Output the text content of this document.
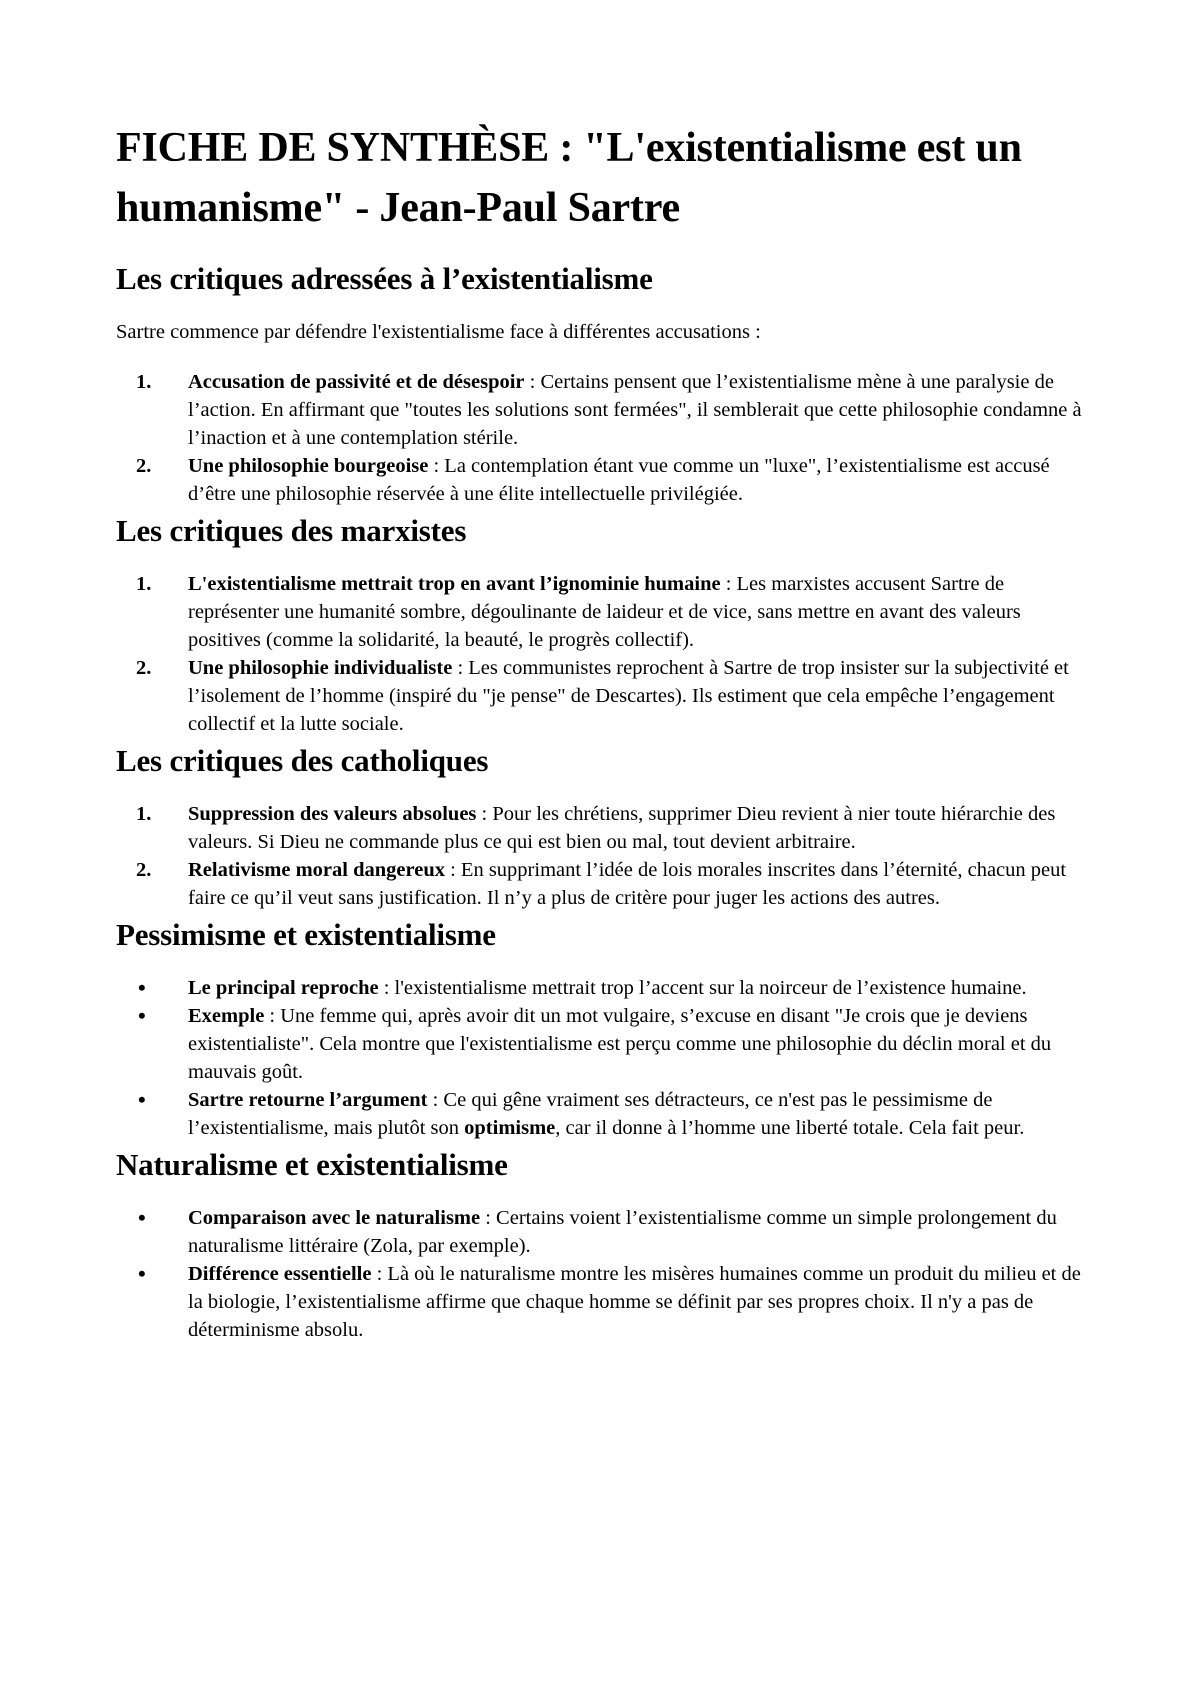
FICHE DE SYNTHÈSE : "L'existentialisme est un humanisme" - Jean-Paul Sartre
Les critiques adressées à l’existentialisme

Sartre commence par défendre l'existentialisme face à différentes accusations :

1. Accusation de passivité et de désespoir : Certains pensent que l’existentialisme mène à une paralysie de l’action. En affirmant que "toutes les solutions sont fermées", il semblerait que cette philosophie condamne à l’inaction et à une contemplation stérile.
2. Une philosophie bourgeoise : La contemplation étant vue comme un "luxe", l’existentialisme est accusé d’être une philosophie réservée à une élite intellectuelle privilégiée.
Les critiques des marxistes
1. L'existentialisme mettrait trop en avant l’ignominie humaine : Les marxistes accusent Sartre de représenter une humanité sombre, dégoulinante de laideur et de vice, sans mettre en avant des valeurs positives (comme la solidarité, la beauté, le progrès collectif).
2. Une philosophie individualiste : Les communistes reprochent à Sartre de trop insister sur la subjectivité et l’isolement de l’homme (inspiré du "je pense" de Descartes). Ils estiment que cela empêche l’engagement collectif et la lutte sociale.
Les critiques des catholiques
1. Suppression des valeurs absolues : Pour les chrétiens, supprimer Dieu revient à nier toute hiérarchie des valeurs. Si Dieu ne commande plus ce qui est bien ou mal, tout devient arbitraire.
2. Relativisme moral dangereux : En supprimant l’idée de lois morales inscrites dans l’éternité, chacun peut faire ce qu’il veut sans justification. Il n’y a plus de critère pour juger les actions des autres.
Pessimisme et existentialisme
• Le principal reproche : l'existentialisme mettrait trop l’accent sur la noirceur de l’existence humaine.
• Exemple : Une femme qui, après avoir dit un mot vulgaire, s’excuse en disant "Je crois que je deviens existentialiste". Cela montre que l'existentialisme est perçu comme une philosophie du déclin moral et du mauvais goût.
• Sartre retourne l’argument : Ce qui gêne vraiment ses détracteurs, ce n'est pas le pessimisme de l’existentialisme, mais plutôt son optimisme, car il donne à l’homme une liberté totale. Cela fait peur.
Naturalisme et existentialisme
• Comparaison avec le naturalisme : Certains voient l’existentialisme comme un simple prolongement du naturalisme littéraire (Zola, par exemple).
• Différence essentielle : Là où le naturalisme montre les misères humaines comme un produit du milieu et de la biologie, l’existentialisme affirme que chaque homme se définit par ses propres choix. Il n'y a pas de déterminisme absolu.
